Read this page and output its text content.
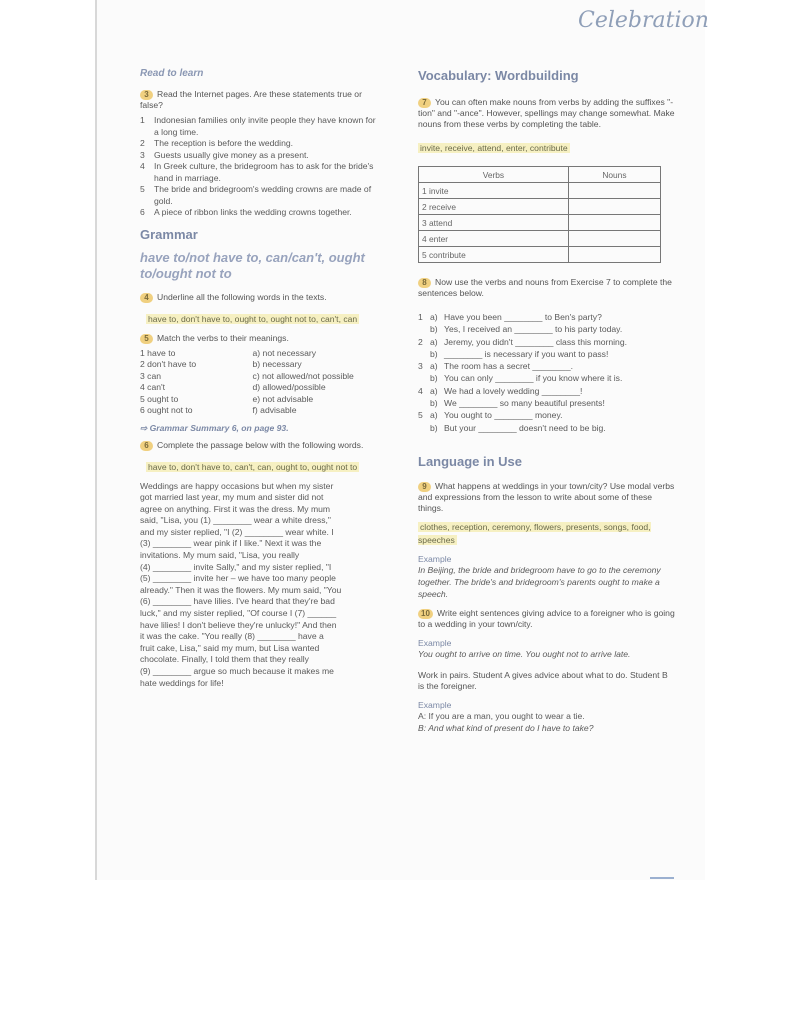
Celebration
Read to learn
3 Read the Internet pages. Are these statements true or false?
1	Indonesian families only invite people they have known for a long time.
2	The reception is before the wedding.
3	Guests usually give money as a present.
4	In Greek culture, the bridegroom has to ask for the bride's hand in marriage.
5	The bride and bridegroom's wedding crowns are made of gold.
6	A piece of ribbon links the wedding crowns together.
Grammar
have to/not have to, can/can't, ought to/ought not to
4 Underline all the following words in the texts.
have to, don't have to, ought to, ought not to, can't, can
5 Match the verbs to their meanings.
1 have to	a) not necessary
2 don't have to	b) necessary
3 can	c) not allowed/not possible
4 can't	d) allowed/possible
5 ought to	e) not advisable
6 ought not to	f) advisable
⇨ Grammar Summary 6, on page 93.
6 Complete the passage below with the following words.
have to, don't have to, can't, can, ought to, ought not to
Weddings are happy occasions but when my sister
got married last year, my mum and sister did not
agree on anything. First it was the dress. My mum
said, "Lisa, you (1) ________ wear a white dress,"
and my sister replied, "I (2) ________ wear white. I
(3) ________ wear pink if I like." Next it was the
invitations. My mum said, "Lisa, you really
(4) ________ invite Sally," and my sister replied, "I
(5) ________ invite her – we have too many people
already." Then it was the flowers. My mum said, "You
(6) ________ have lilies. I've heard that they're bad
luck," and my sister replied, "Of course I (7) ______
have lilies! I don't believe they're unlucky!" And then
it was the cake. "You really (8) ________ have a
fruit cake, Lisa," said my mum, but Lisa wanted
chocolate. Finally, I told them that they really
(9) ________ argue so much because it makes me
hate weddings for life!
Vocabulary: Wordbuilding
7 You can often make nouns from verbs by adding the suffixes "-tion" and "-ance". However, spellings may change somewhat. Make nouns from these verbs by completing the table.
invite, receive, attend, enter, contribute
Verbs	Nouns
1 invite	
2 receive	
3 attend	
4 enter	
5 contribute	
8 Now use the verbs and nouns from Exercise 7 to complete the sentences below.
1 a) Have you been ________ to Ben's party?
b) Yes, I received an ________ to his party today.
2 a) Jeremy, you didn't ________ class this morning.
b) ________ is necessary if you want to pass!
3 a) The room has a secret ________.
b) You can only ________ if you know where it is.
4 a) We had a lovely wedding ________!
b) We ________ so many beautiful presents!
5 a) You ought to ________ money.
b) But your ________ doesn't need to be big.
Language in Use
9 What happens at weddings in your town/city? Use modal verbs and expressions from the lesson to write about some of these things.
clothes, reception, ceremony, flowers, presents, songs, food, speeches
Example
In Beijing, the bride and bridegroom have to go to the ceremony together. The bride's and bridegroom's parents ought to make a speech.
10 Write eight sentences giving advice to a foreigner who is going to a wedding in your town/city.
Example
You ought to arrive on time. You ought not to arrive late.
Work in pairs. Student A gives advice about what to do. Student B is the foreigner.
Example
A: If you are a man, you ought to wear a tie.
B: And what kind of present do I have to take?
